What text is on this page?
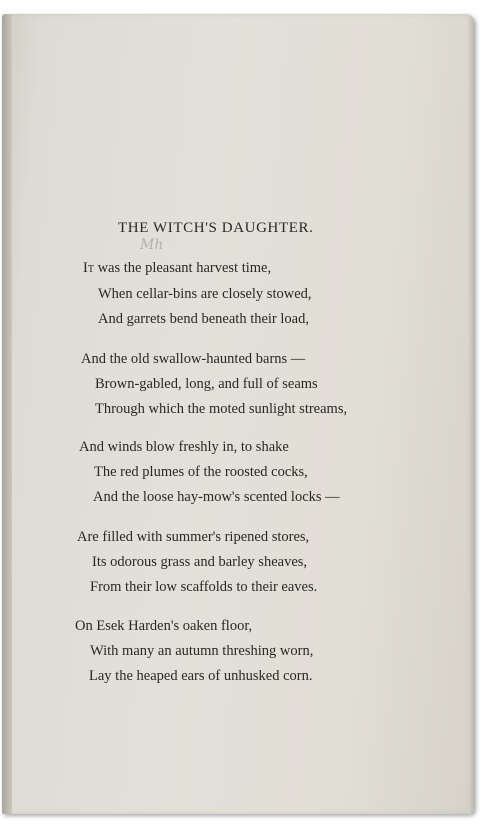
THE WITCH'S DAUGHTER.
Mh
It was the pleasant harvest time,
When cellar-bins are closely stowed,
And garrets bend beneath their load,
And the old swallow-haunted barns —
Brown-gabled, long, and full of seams
Through which the moted sunlight streams,
And winds blow freshly in, to shake
The red plumes of the roosted cocks,
And the loose hay-mow's scented locks —
Are filled with summer's ripened stores,
Its odorous grass and barley sheaves,
From their low scaffolds to their eaves.
On Esek Harden's oaken floor,
With many an autumn threshing worn,
Lay the heaped ears of unhusked corn.
